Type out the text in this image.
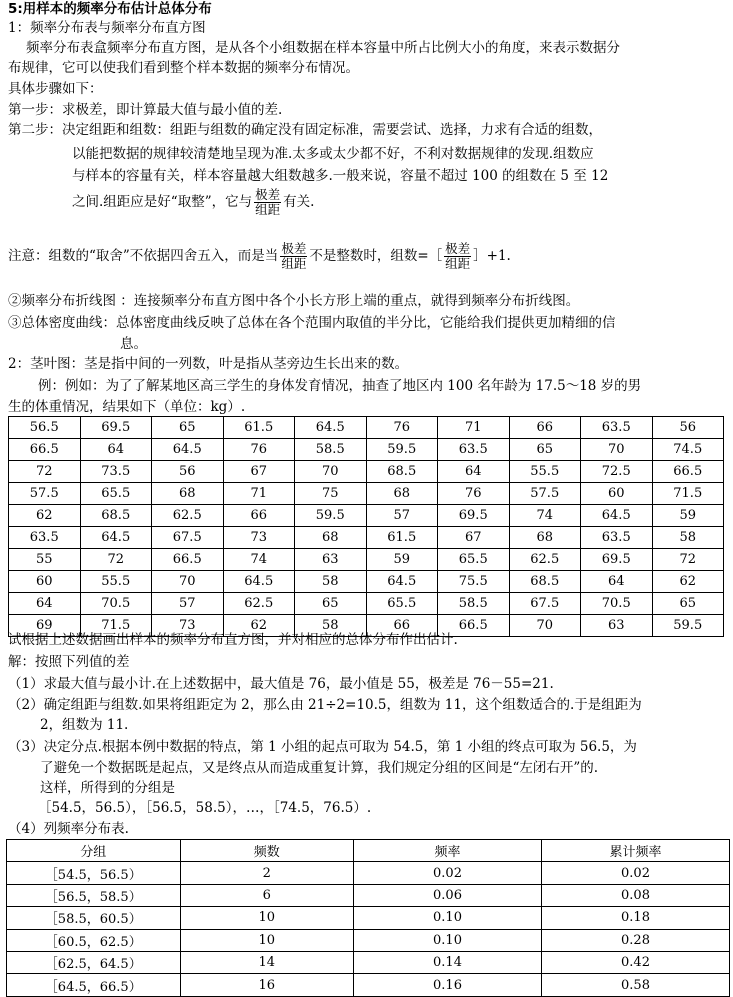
5:用样本的频率分布估计总体分布
1：频率分布表与频率分布直方图
频率分布表盒频率分布直方图，是从各个小组数据在样本容量中所占比例大小的角度，来表示数据分
布规律，它可以使我们看到整个样本数据的频率分布情况。
具体步骤如下：
第一步：求极差，即计算最大值与最小值的差.
第二步：决定组距和组数：组距与组数的确定没有固定标准，需要尝试、选择，力求有合适的组数，
以能把数据的规律较清楚地呈现为准.太多或太少都不好，不利对数据规律的发现.组数应
与样本的容量有关，样本容量越大组数越多.一般来说，容量不超过 100 的组数在 5 至 12
之间.组距应是好“取整”，它与 $\frac{\text{极差}}{\text{组距}}$ 有关.
注意：组数的“取舍”不依据四舍五入，而是当 $\frac{\text{极差}}{\text{组距}}$ 不是整数时，组数=［ $\frac{\text{极差}}{\text{组距}}$ ］+1.
②频率分布折线图 ：连接频率分布直方图中各个小长方形上端的重点，就得到频率分布折线图。
③总体密度曲线：总体密度曲线反映了总体在各个范围内取值的半分比，它能给我们提供更加精细的信
息。
2：茎叶图：茎是指中间的一列数，叶是指从茎旁边生长出来的数。
例：例如：为了了解某地区高三学生的身体发育情况，抽查了地区内 100 名年龄为 17.5～18 岁的男
生的体重情况，结果如下（单位：kg）.
56.5	69.5	65	61.5	64.5	76	71	66	63.5	56
66.5	64	64.5	76	58.5	59.5	63.5	65	70	74.5
72	73.5	56	67	70	68.5	64	55.5	72.5	66.5
57.5	65.5	68	71	75	68	76	57.5	60	71.5
62	68.5	62.5	66	59.5	57	69.5	74	64.5	59
63.5	64.5	67.5	73	68	61.5	67	68	63.5	58
55	72	66.5	74	63	59	65.5	62.5	69.5	72
60	55.5	70	64.5	58	64.5	75.5	68.5	64	62
64	70.5	57	62.5	65	65.5	58.5	67.5	70.5	65
69	71.5	73	62	58	66	66.5	70	63	59.5
试根据上述数据画出样本的频率分布直方图，并对相应的总体分布作出估计.
解：按照下列值的差
（1）求最大值与最小计.在上述数据中，最大值是 76，最小值是 55，极差是 76－55=21.
（2）确定组距与组数.如果将组距定为 2，那么由 21÷2=10.5，组数为 11，这个组数适合的.于是组距为
2，组数为 11.
（3）决定分点.根据本例中数据的特点，第 1 小组的起点可取为 54.5，第 1 小组的终点可取为 56.5，为
了避免一个数据既是起点，又是终点从而造成重复计算，我们规定分组的区间是“左闭右开”的.
这样，所得到的分组是
［54.5，56.5），［56.5，58.5），…，［74.5，76.5）.
（4）列频率分布表.
分组	频数	频率	累计频率
［54.5，56.5）	2	0.02	0.02
［56.5，58.5）	6	0.06	0.08
［58.5，60.5）	10	0.10	0.18
［60.5，62.5）	10	0.10	0.28
［62.5，64.5）	14	0.14	0.42
［64.5，66.5）	16	0.16	0.58
